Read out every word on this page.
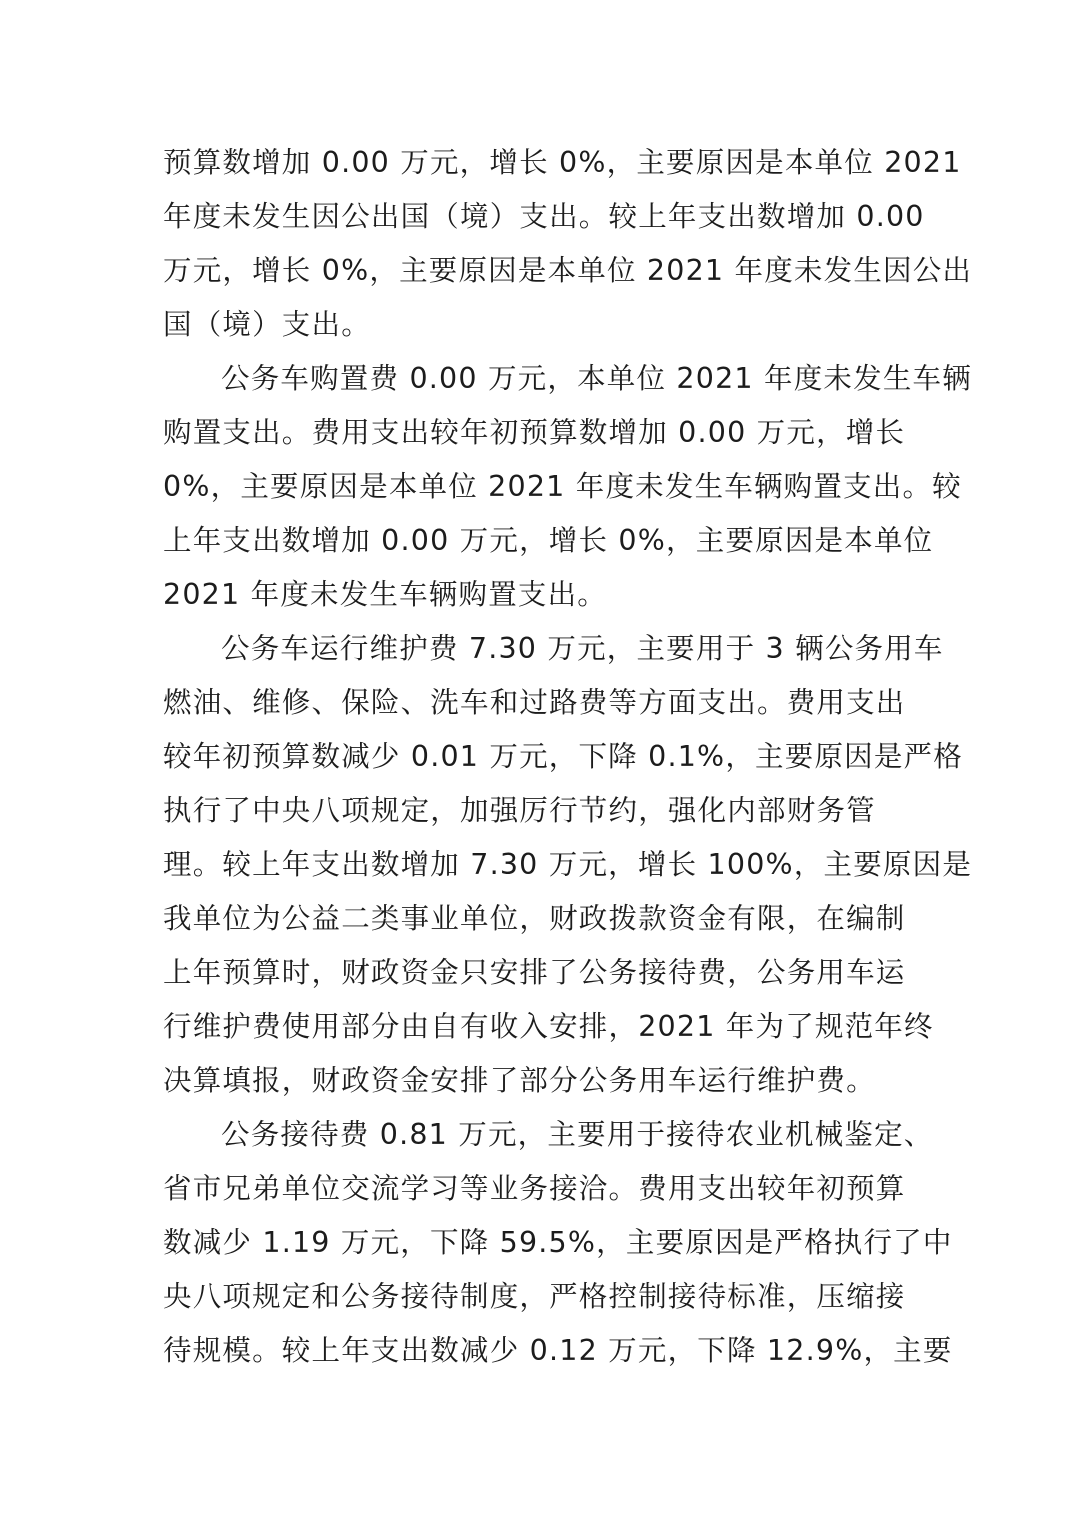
预算数增加 0.00 万元，增长 0%，主要原因是本单位 2021
年度未发生因公出国（境）支出。较上年支出数增加 0.00
万元，增长 0%，主要原因是本单位 2021 年度未发生因公出
国（境）支出。
公务车购置费 0.00 万元，本单位 2021 年度未发生车辆
购置支出。费用支出较年初预算数增加 0.00 万元，增长
0%，主要原因是本单位 2021 年度未发生车辆购置支出。较
上年支出数增加 0.00 万元，增长 0%，主要原因是本单位
2021 年度未发生车辆购置支出。
公务车运行维护费 7.30 万元，主要用于 3 辆公务用车
燃油、维修、保险、洗车和过路费等方面支出。费用支出
较年初预算数减少 0.01 万元，下降 0.1%，主要原因是严格
执行了中央八项规定，加强厉行节约，强化内部财务管
理。较上年支出数增加 7.30 万元，增长 100%，主要原因是
我单位为公益二类事业单位，财政拨款资金有限，在编制
上年预算时，财政资金只安排了公务接待费，公务用车运
行维护费使用部分由自有收入安排，2021 年为了规范年终
决算填报，财政资金安排了部分公务用车运行维护费。
公务接待费 0.81 万元，主要用于接待农业机械鉴定、
省市兄弟单位交流学习等业务接洽。费用支出较年初预算
数减少 1.19 万元，下降 59.5%，主要原因是严格执行了中
央八项规定和公务接待制度，严格控制接待标准，压缩接
待规模。较上年支出数减少 0.12 万元，下降 12.9%，主要
